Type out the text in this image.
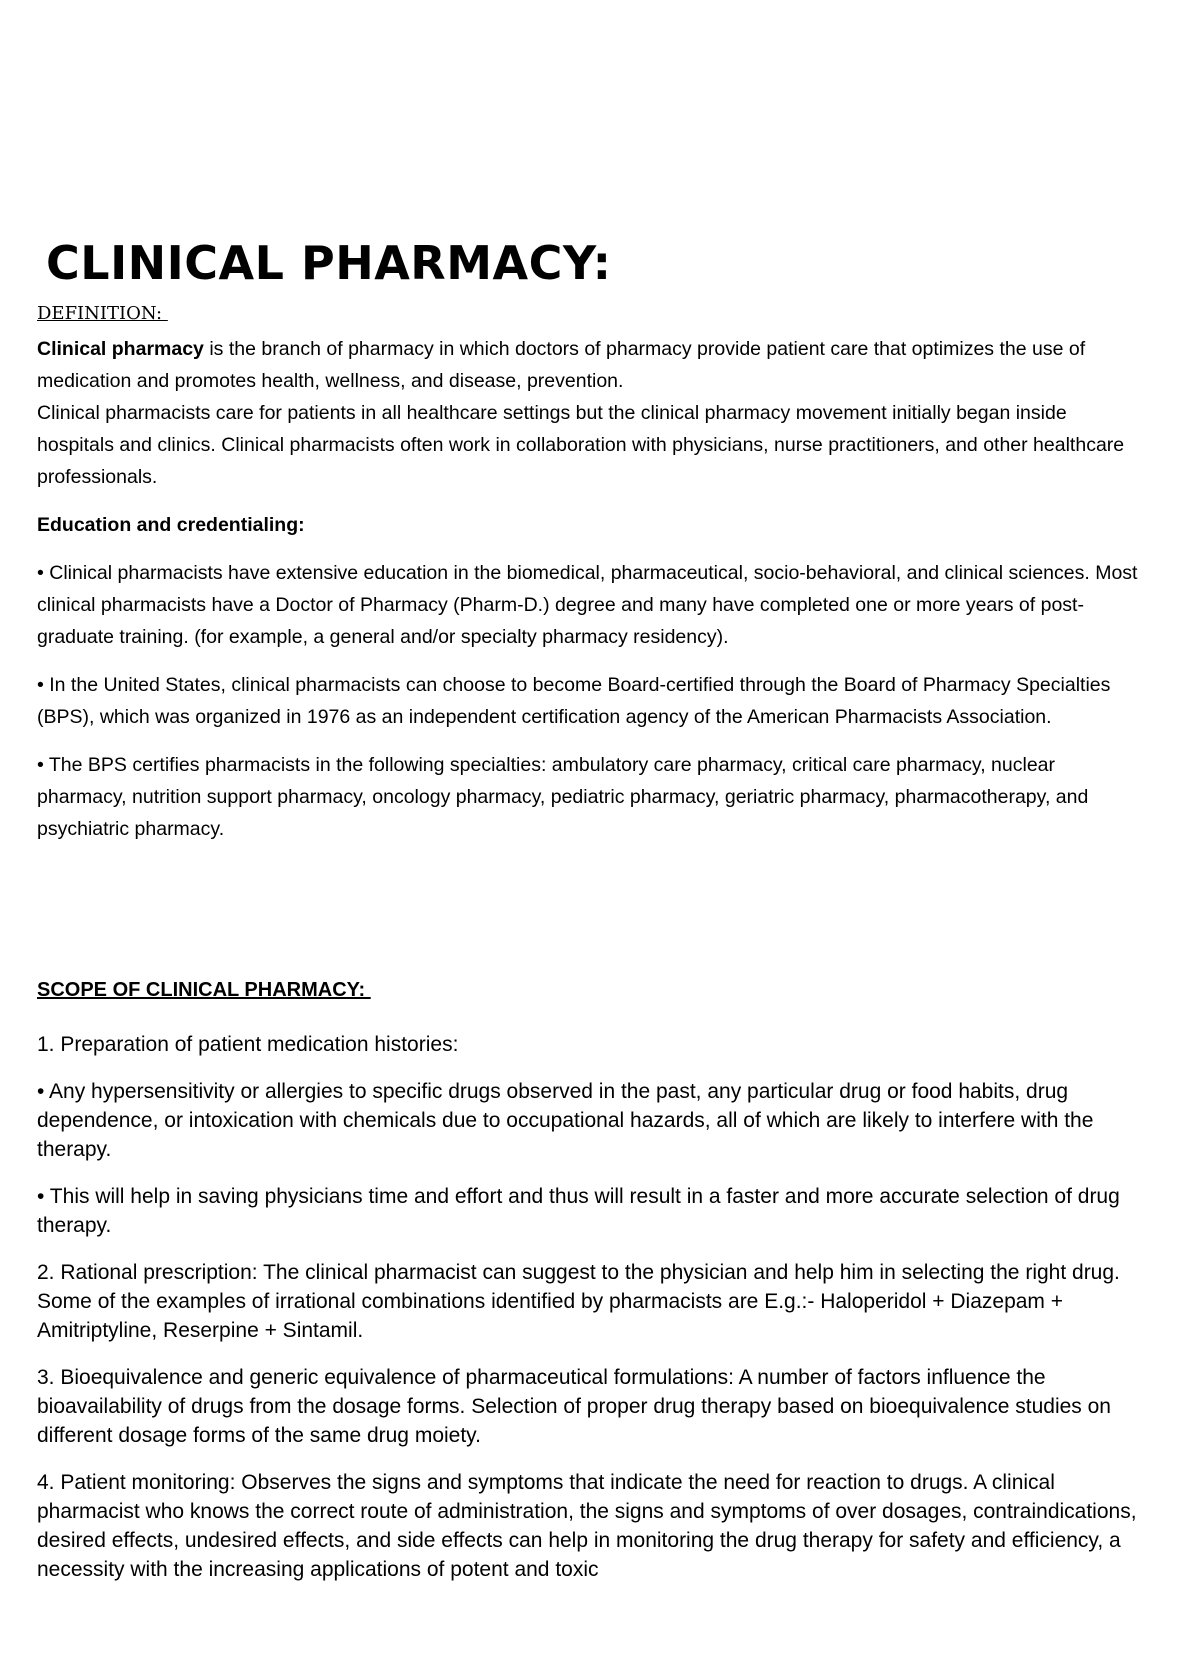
CLINICAL PHARMACY:
DEFINITION:

Clinical pharmacy is the branch of pharmacy in which doctors of pharmacy provide patient care that optimizes the use of medication and promotes health, wellness, and disease, prevention.

Clinical pharmacists care for patients in all healthcare settings but the clinical pharmacy movement initially began inside hospitals and clinics. Clinical pharmacists often work in collaboration with physicians, nurse practitioners, and other healthcare professionals.

Education and credentialing:

• Clinical pharmacists have extensive education in the biomedical, pharmaceutical, socio-behavioral, and clinical sciences. Most clinical pharmacists have a Doctor of Pharmacy (Pharm-D.) degree and many have completed one or more years of post-graduate training. (for example, a general and/or specialty pharmacy residency).

• In the United States, clinical pharmacists can choose to become Board-certified through the Board of Pharmacy Specialties (BPS), which was organized in 1976 as an independent certification agency of the American Pharmacists Association.

• The BPS certifies pharmacists in the following specialties: ambulatory care pharmacy, critical care pharmacy, nuclear pharmacy, nutrition support pharmacy, oncology pharmacy, pediatric pharmacy, geriatric pharmacy, pharmacotherapy, and psychiatric pharmacy.

SCOPE OF CLINICAL PHARMACY:

1. Preparation of patient medication histories:

• Any hypersensitivity or allergies to specific drugs observed in the past, any particular drug or food habits, drug dependence, or intoxication with chemicals due to occupational hazards, all of which are likely to interfere with the therapy.

• This will help in saving physicians time and effort and thus will result in a faster and more accurate selection of drug therapy.

2. Rational prescription: The clinical pharmacist can suggest to the physician and help him in selecting the right drug. Some of the examples of irrational combinations identified by pharmacists are E.g.:- Haloperidol + Diazepam + Amitriptyline, Reserpine + Sintamil.

3. Bioequivalence and generic equivalence of pharmaceutical formulations: A number of factors influence the bioavailability of drugs from the dosage forms. Selection of proper drug therapy based on bioequivalence studies on different dosage forms of the same drug moiety.

4. Patient monitoring: Observes the signs and symptoms that indicate the need for reaction to drugs. A clinical pharmacist who knows the correct route of administration, the signs and symptoms of over dosages, contraindications, desired effects, undesired effects, and side effects can help in monitoring the drug therapy for safety and efficiency, a necessity with the increasing applications of potent and toxic
